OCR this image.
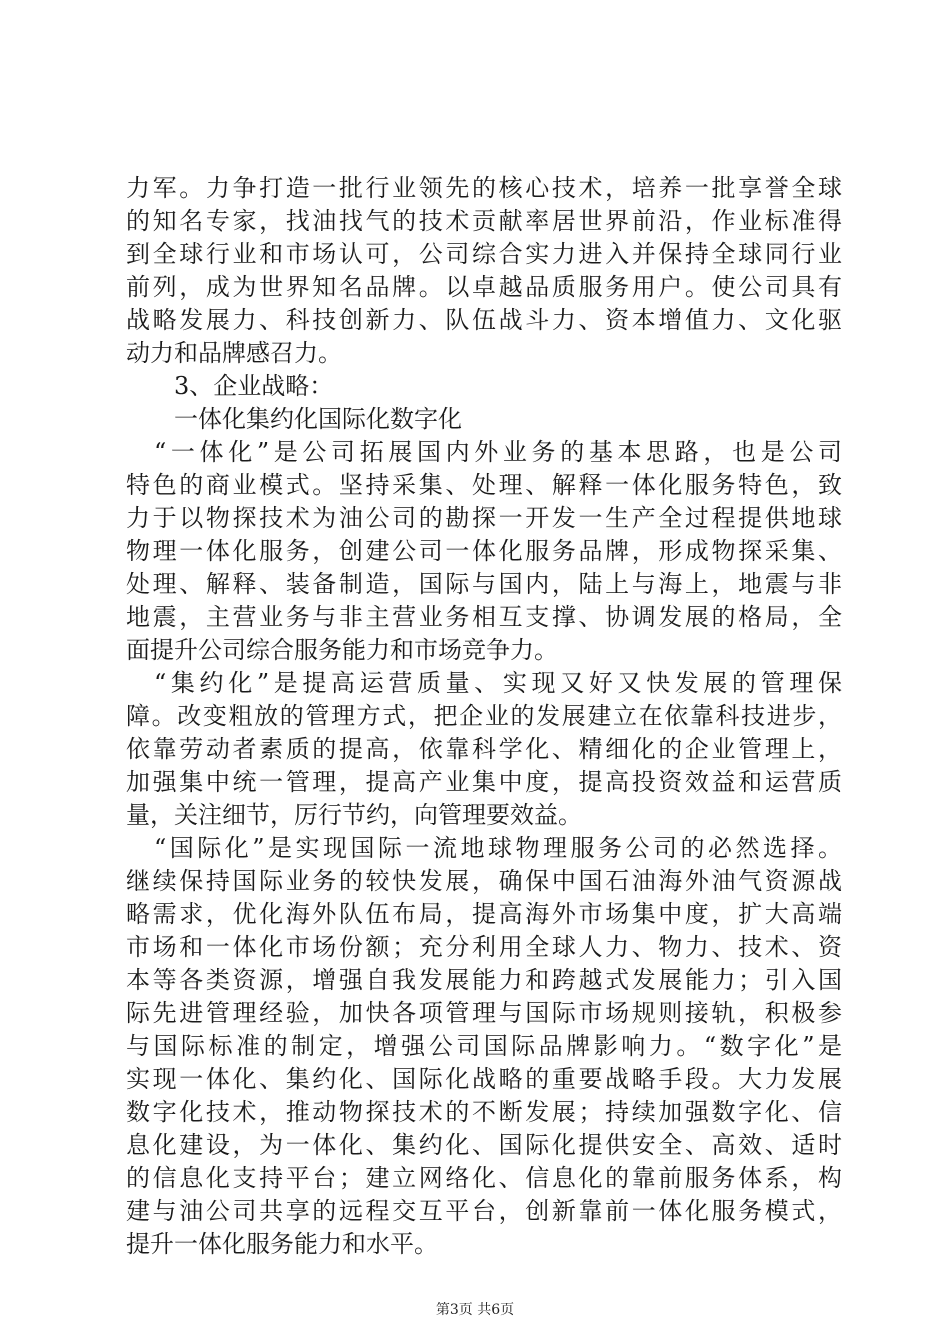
力军。力争打造一批行业领先的核心技术，培养一批享誉全球
的知名专家，找油找气的技术贡献率居世界前沿，作业标准得
到全球行业和市场认可，公司综合实力进入并保持全球同行业
前列，成为世界知名品牌。以卓越品质服务用户。使公司具有
战略发展力、科技创新力、队伍战斗力、资本增值力、文化驱
动力和品牌感召力。
3、企业战略：
一体化集约化国际化数字化
“一体化”是公司拓展国内外业务的基本思路，也是公司
特色的商业模式。坚持采集、处理、解释一体化服务特色，致
力于以物探技术为油公司的勘探一开发一生产全过程提供地球
物理一体化服务，创建公司一体化服务品牌，形成物探采集、
处理、解释、装备制造，国际与国内，陆上与海上，地震与非
地震，主营业务与非主营业务相互支撑、协调发展的格局，全
面提升公司综合服务能力和市场竞争力。
“集约化”是提高运营质量、实现又好又快发展的管理保
障。改变粗放的管理方式，把企业的发展建立在依靠科技进步，
依靠劳动者素质的提高，依靠科学化、精细化的企业管理上，
加强集中统一管理，提高产业集中度，提高投资效益和运营质
量，关注细节，厉行节约，向管理要效益。
“国际化”是实现国际一流地球物理服务公司的必然选择。
继续保持国际业务的较快发展，确保中国石油海外油气资源战
略需求，优化海外队伍布局，提高海外市场集中度，扩大高端
市场和一体化市场份额；充分利用全球人力、物力、技术、资
本等各类资源，增强自我发展能力和跨越式发展能力；引入国
际先进管理经验，加快各项管理与国际市场规则接轨，积极参
与国际标准的制定，增强公司国际品牌影响力。“数字化”是
实现一体化、集约化、国际化战略的重要战略手段。大力发展
数字化技术，推动物探技术的不断发展；持续加强数字化、信
息化建设，为一体化、集约化、国际化提供安全、高效、适时
的信息化支持平台；建立网络化、信息化的靠前服务体系，构
建与油公司共享的远程交互平台，创新靠前一体化服务模式，
提升一体化服务能力和水平。
第3页 共6页
